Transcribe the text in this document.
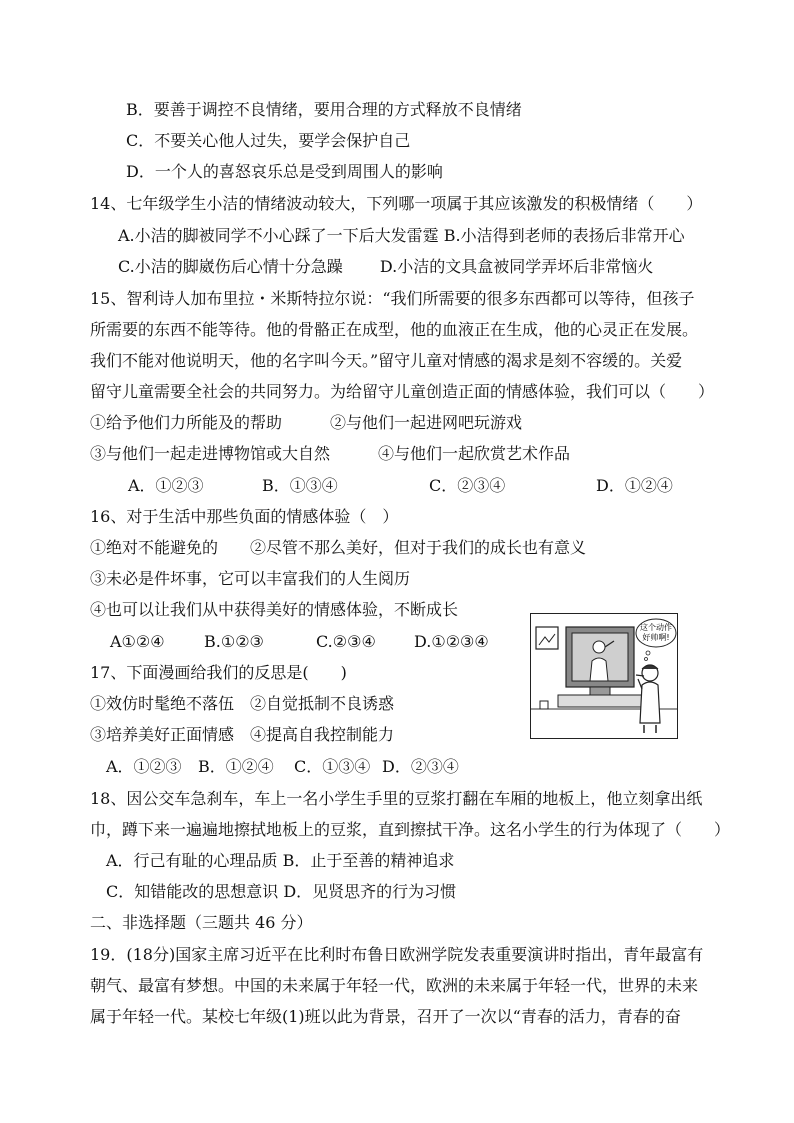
B．要善于调控不良情绪，要用合理的方式释放不良情绪
C．不要关心他人过失，要学会保护自己
D．一个人的喜怒哀乐总是受到周围人的影响
14、七年级学生小洁的情绪波动较大，下列哪一项属于其应该激发的积极情绪（　　）
A.小洁的脚被同学不小心踩了一下后大发雷霆 B.小洁得到老师的表扬后非常开心
C.小洁的脚崴伤后心情十分急躁　　 D.小洁的文具盒被同学弄坏后非常恼火
15、智利诗人加布里拉・米斯特拉尔说：“我们所需要的很多东西都可以等待，但孩子
所需要的东西不能等待。他的骨骼正在成型，他的血液正在生成，他的心灵正在发展。
我们不能对他说明天，他的名字叫今天。”留守儿童对情感的渴求是刻不容缓的。关爱
留守儿童需要全社会的共同努力。为给留守儿童创造正面的情感体验，我们可以（　　）
①给予他们力所能及的帮助　　　②与他们一起进网吧玩游戏
③与他们一起走进博物馆或大自然　　　④与他们一起欣赏艺术作品
A．①②③	B．①③④	C．②③④	D．①②④
16、对于生活中那些负面的情感体验（　）
①绝对不能避免的　　②尽管不那么美好，但对于我们的成长也有意义
③未必是件坏事，它可以丰富我们的人生阅历
④也可以让我们从中获得美好的情感体验，不断成长
A①②④ B.①②③	C.②③④ D.①②③④
17、下面漫画给我们的反思是(　　)
①效仿时髦绝不落伍　②自觉抵制不良诱惑
③培养美好正面情感　④提高自我控制能力
A．①②③ B．①②④ C．①③④ D．②③④
这个动作
好帅啊!
18、因公交车急刹车，车上一名小学生手里的豆浆打翻在车厢的地板上，他立刻拿出纸
巾，蹲下来一遍遍地擦拭地板上的豆浆，直到擦拭干净。这名小学生的行为体现了（　　）
A．行己有耻的心理品质 B．止于至善的精神追求
C．知错能改的思想意识 D．见贤思齐的行为习惯
二、非选择题（三题共 46 分）
19．(18分)国家主席习近平在比利时布鲁日欧洲学院发表重要演讲时指出，青年最富有
朝气、最富有梦想。中国的未来属于年轻一代，欧洲的未来属于年轻一代，世界的未来
属于年轻一代。某校七年级(1)班以此为背景，召开了一次以“青春的活力，青春的奋
